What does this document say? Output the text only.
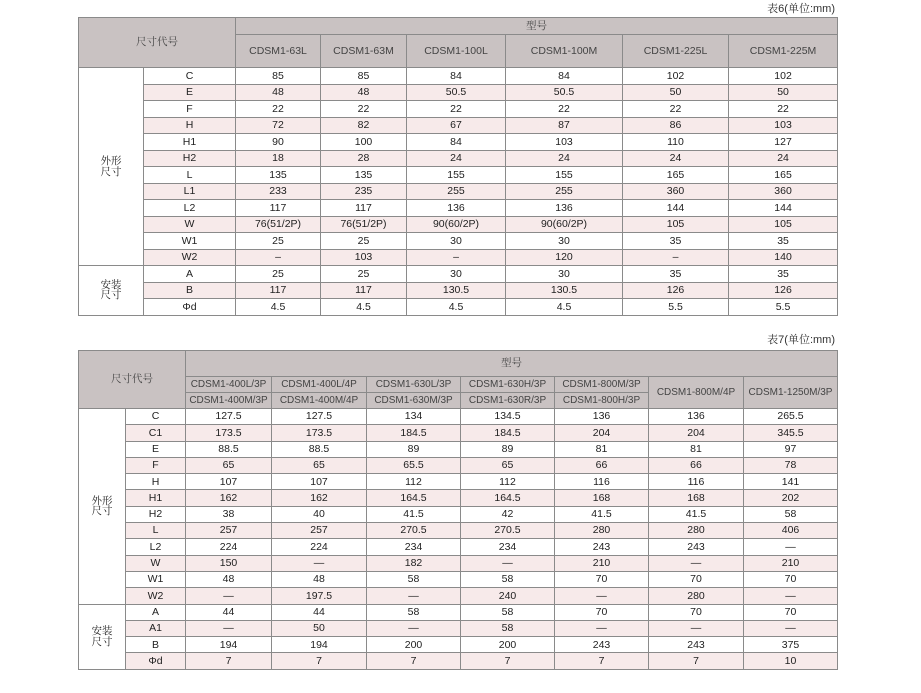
表6(单位:mm)
尺寸代号		型号					
		CDSM1-63L	CDSM1-63M	CDSM1-100L	CDSM1-100M	CDSM1-225L	CDSM1-225M
外形
尺寸	C	85	85	84	84	102	102
	E	48	48	50.5	50.5	50	50
	F	22	22	22	22	22	22
	H	72	82	67	87	86	103
	H1	90	100	84	103	110	127
	H2	18	28	24	24	24	24
	L	135	135	155	155	165	165
	L1	233	235	255	255	360	360
	L2	117	117	136	136	144	144
	W	76(51/2P)	76(51/2P)	90(60/2P)	90(60/2P)	105	105
	W1	25	25	30	30	35	35
	W2	–	103	–	120	–	140
安装
尺寸	A	25	25	30	30	35	35
	B	117	117	130.5	130.5	126	126
	Φd	4.5	4.5	4.5	4.5	5.5	5.5
表7(单位:mm)
尺寸代号		型号						
		CDSM1-400L/3P	CDSM1-400L/4P	CDSM1-630L/3P	CDSM1-630H/3P	CDSM1-800M/3P	CDSM1-800M/4P	CDSM1-1250M/3P
		CDSM1-400M/3P	CDSM1-400M/4P	CDSM1-630M/3P	CDSM1-630R/3P	CDSM1-800H/3P		
外形
尺寸	C	127.5	127.5	134	134.5	136	136	265.5
	C1	173.5	173.5	184.5	184.5	204	204	345.5
	E	88.5	88.5	89	89	81	81	97
	F	65	65	65.5	65	66	66	78
	H	107	107	112	112	116	116	141
	H1	162	162	164.5	164.5	168	168	202
	H2	38	40	41.5	42	41.5	41.5	58
	L	257	257	270.5	270.5	280	280	406
	L2	224	224	234	234	243	243	—
	W	150	—	182	—	210	—	210
	W1	48	48	58	58	70	70	70
	W2	—	197.5	—	240	—	280	—
安装
尺寸	A	44	44	58	58	70	70	70
	A1	—	50	—	58	—	—	—
	B	194	194	200	200	243	243	375
	Φd	7	7	7	7	7	7	10
